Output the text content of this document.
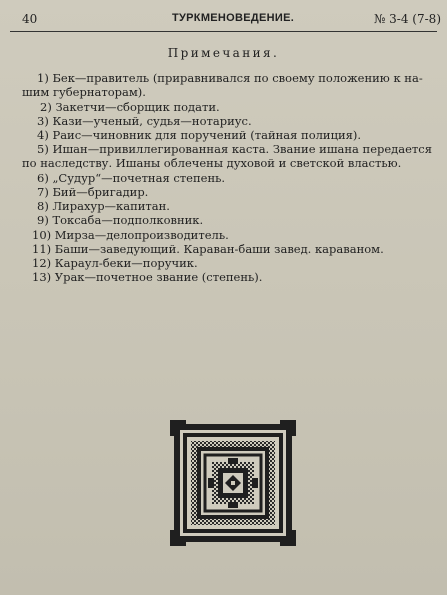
40	ТУРКМЕНОВЕДЕНИЕ.	№ 3-4 (7-8)
Примечания.
1) Бек—правитель (приравнивался по своему положению к на-
шим губернаторам).
2) Закетчи—сборщик подати.
3) Кази—ученый, судья—нотариус.
4) Раис—чиновник для поручений (тайная полиция).
5) Ишан—привиллегированная каста. Звание ишана передается
по наследству. Ишаны облечены духовой и светской властью.
6) „Судур“—почетная степень.
7) Бий—бригадир.
8) Лирахур—капитан.
9) Токсаба—подполковник.
10) Мирза—делопроизводитель.
11) Баши—заведующий. Караван-баши завед. караваном.
12) Караул-беки—поручик.
13) Урак—почетное звание (степень).
